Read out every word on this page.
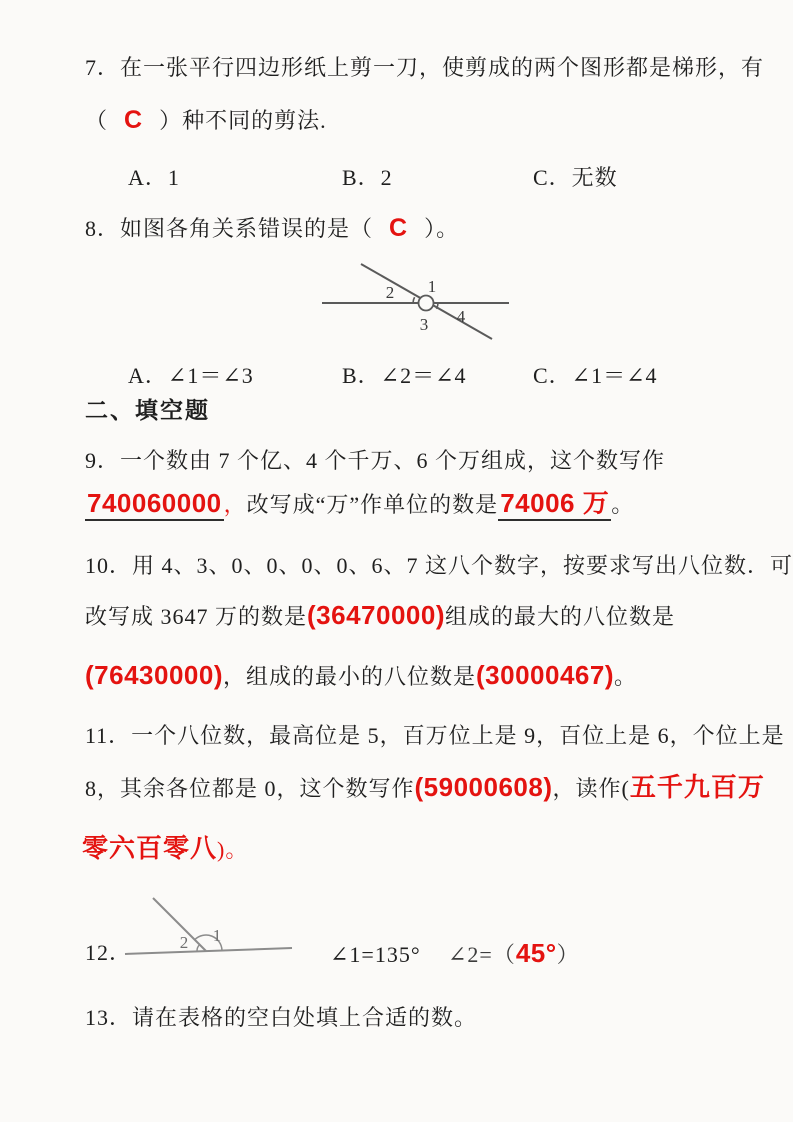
7．在一张平行四边形纸上剪一刀，使剪成的两个图形都是梯形，有
（ C ）种不同的剪法.
A．1	B．2	C．无数
8．如图各角关系错误的是（ C ）。
1
2
3 4
A．∠1＝∠3	B．∠2＝∠4	C．∠1＝∠4
二、填空题
9．一个数由 7 个亿、4 个千万、6 个万组成，这个数写作
740060000，改写成“万”作单位的数是74006 万。
10．用 4、3、0、0、0、0、6、7 这八个数字，按要求写出八位数．可
改写成 3647 万的数是(36470000)组成的最大的八位数是
(76430000)，组成的最小的八位数是(30000467)。
11．一个八位数，最高位是 5，百万位上是 9，百位上是 6，个位上是
8，其余各位都是 0，这个数写作(59000608)，读作(五千九百万
零六百零八)。
12．	2 1
∠1=135° ∠2=（45°）
13．请在表格的空白处填上合适的数。
